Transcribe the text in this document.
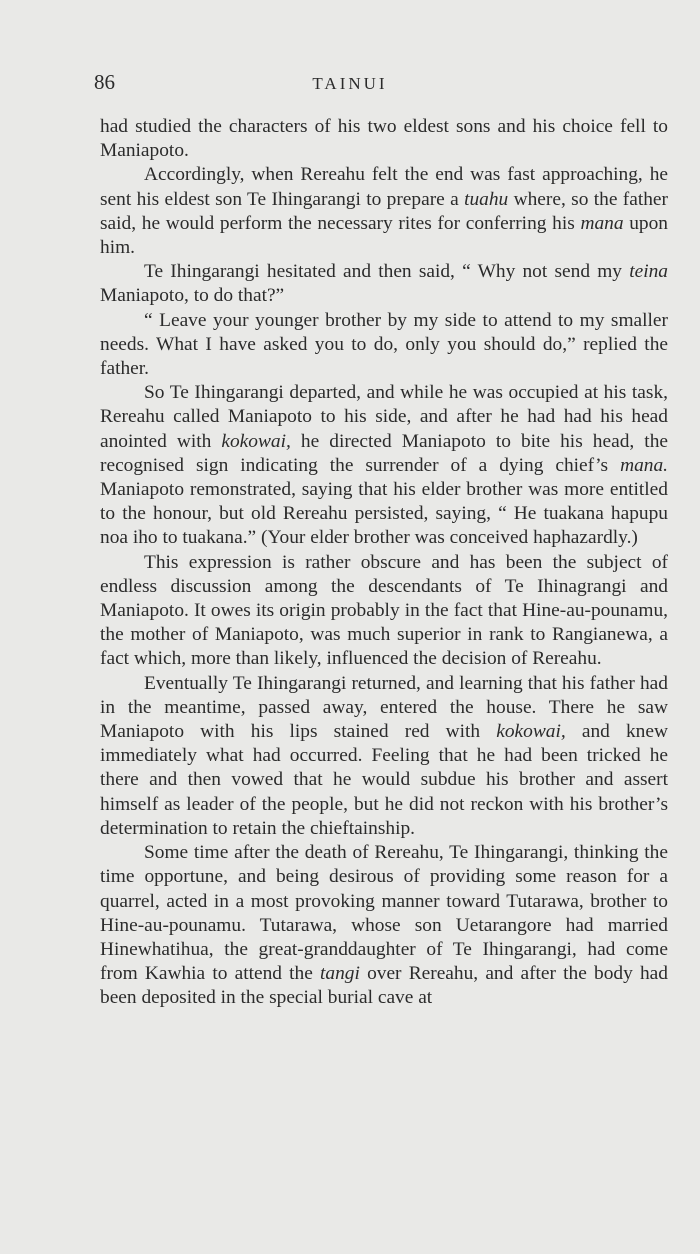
86	TAINUI

had studied the characters of his two eldest sons and his choice fell to Maniapoto.

Accordingly, when Rereahu felt the end was fast approaching, he sent his eldest son Te Ihingarangi to prepare a tuahu where, so the father said, he would perform the necessary rites for conferring his mana upon him.

Te Ihingarangi hesitated and then said, “ Why not send my teina Maniapoto, to do that?”

“ Leave your younger brother by my side to attend to my smaller needs. What I have asked you to do, only you should do,” replied the father.

So Te Ihingarangi departed, and while he was occupied at his task, Rereahu called Maniapoto to his side, and after he had had his head anointed with kokowai, he directed Maniapoto to bite his head, the recognised sign indicating the surrender of a dying chief’s mana. Maniapoto remonstrated, saying that his elder brother was more entitled to the honour, but old Rereahu persisted, saying, “ He tuakana hapupu noa iho to tuakana.” (Your elder brother was conceived haphazardly.)

This expression is rather obscure and has been the subject of endless discussion among the descendants of Te Ihinagrangi and Maniapoto. It owes its origin probably in the fact that Hine-au-pounamu, the mother of Maniapoto, was much superior in rank to Rangianewa, a fact which, more than likely, influenced the decision of Rereahu.

Eventually Te Ihingarangi returned, and learning that his father had in the meantime, passed away, entered the house. There he saw Maniapoto with his lips stained red with kokowai, and knew immediately what had occurred. Feeling that he had been tricked he there and then vowed that he would subdue his brother and assert himself as leader of the people, but he did not reckon with his brother’s determination to retain the chieftainship.

Some time after the death of Rereahu, Te Ihingarangi, thinking the time opportune, and being desirous of providing some reason for a quarrel, acted in a most provoking manner toward Tutarawa, brother to Hine-au-pounamu. Tutarawa, whose son Uetarangore had married Hinewhatihua, the great-granddaughter of Te Ihingarangi, had come from Kawhia to attend the tangi over Rereahu, and after the body had been deposited in the special burial cave at
